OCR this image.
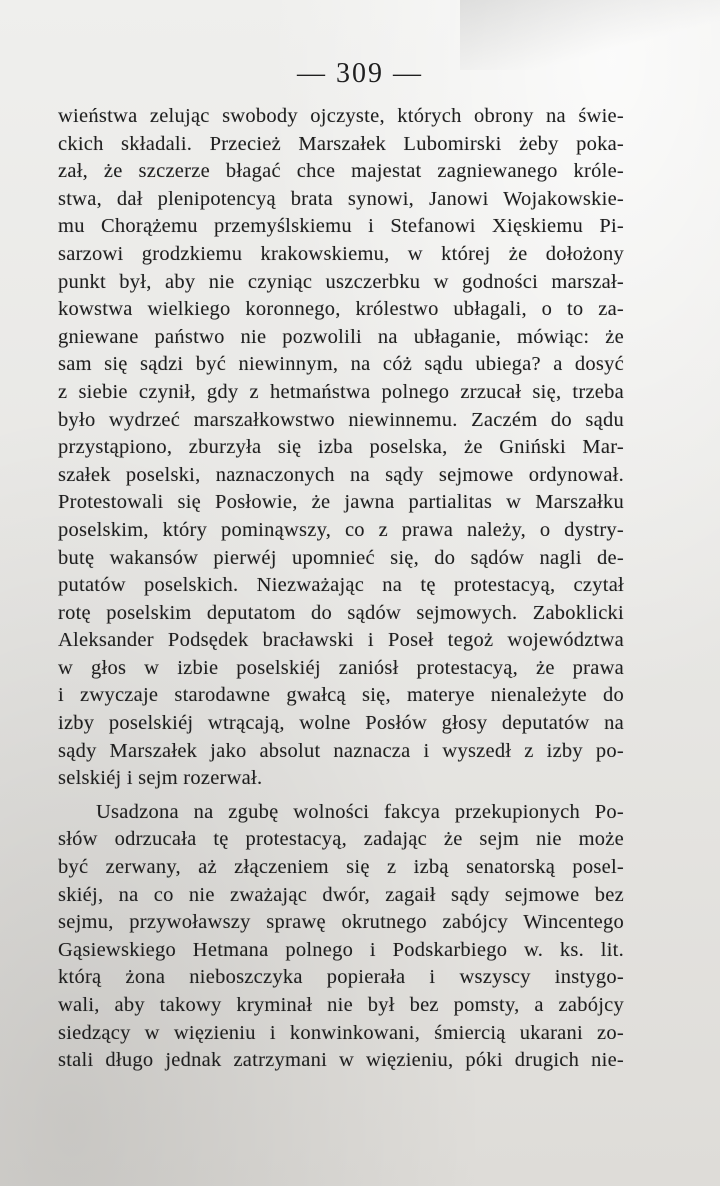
— 309 —
wieństwa zelując swobody ojczyste, których obrony na świe-
ckich składali. Przecież Marszałek Lubomirski żeby poka-
zał, że szczerze błagać chce majestat zagniewanego króle-
stwa, dał plenipotencyą brata synowi, Janowi Wojakowskie-
mu Chorążemu przemyślskiemu i Stefanowi Xięskiemu Pi-
sarzowi grodzkiemu krakowskiemu, w której że dołożony
punkt był, aby nie czyniąc uszczerbku w godności marszał-
kowstwa wielkiego koronnego, królestwo ubłagali, o to za-
gniewane państwo nie pozwolili na ubłaganie, mówiąc: że
sam się sądzi być niewinnym, na cóż sądu ubiega? a dosyć
z siebie czynił, gdy z hetmaństwa polnego zrzucał się, trzeba
było wydrzeć marszałkowstwo niewinnemu. Zaczém do sądu
przystąpiono, zburzyła się izba poselska, że Gniński Mar-
szałek poselski, naznaczonych na sądy sejmowe ordynował.
Protestowali się Posłowie, że jawna partialitas w Marszałku
poselskim, który pominąwszy, co z prawa należy, o dystry-
butę wakansów pierwéj upomnieć się, do sądów nagli de-
putatów poselskich. Niezważając na tę protestacyą, czytał
rotę poselskim deputatom do sądów sejmowych. Zaboklicki
Aleksander Podsędek bracławski i Poseł tegoż województwa
w głos w izbie poselskiéj zaniósł protestacyą, że prawa
i zwyczaje starodawne gwałcą się, materye nienależyte do
izby poselskiéj wtrącają, wolne Posłów głosy deputatów na
sądy Marszałek jako absolut naznacza i wyszedł z izby po-
selskiéj i sejm rozerwał.
Usadzona na zgubę wolności fakcya przekupionych Po-
słów odrzucała tę protestacyą, zadając że sejm nie może
być zerwany, aż złączeniem się z izbą senatorską posel-
skiéj, na co nie zważając dwór, zagaił sądy sejmowe bez
sejmu, przywoławszy sprawę okrutnego zabójcy Wincentego
Gąsiewskiego Hetmana polnego i Podskarbiego w. ks. lit.
którą żona nieboszczyka popierała i wszyscy instygo-
wali, aby takowy kryminał nie był bez pomsty, a zabójcy
siedzący w więzieniu i konwinkowani, śmiercią ukarani zo-
stali długo jednak zatrzymani w więzieniu, póki drugich nie-
